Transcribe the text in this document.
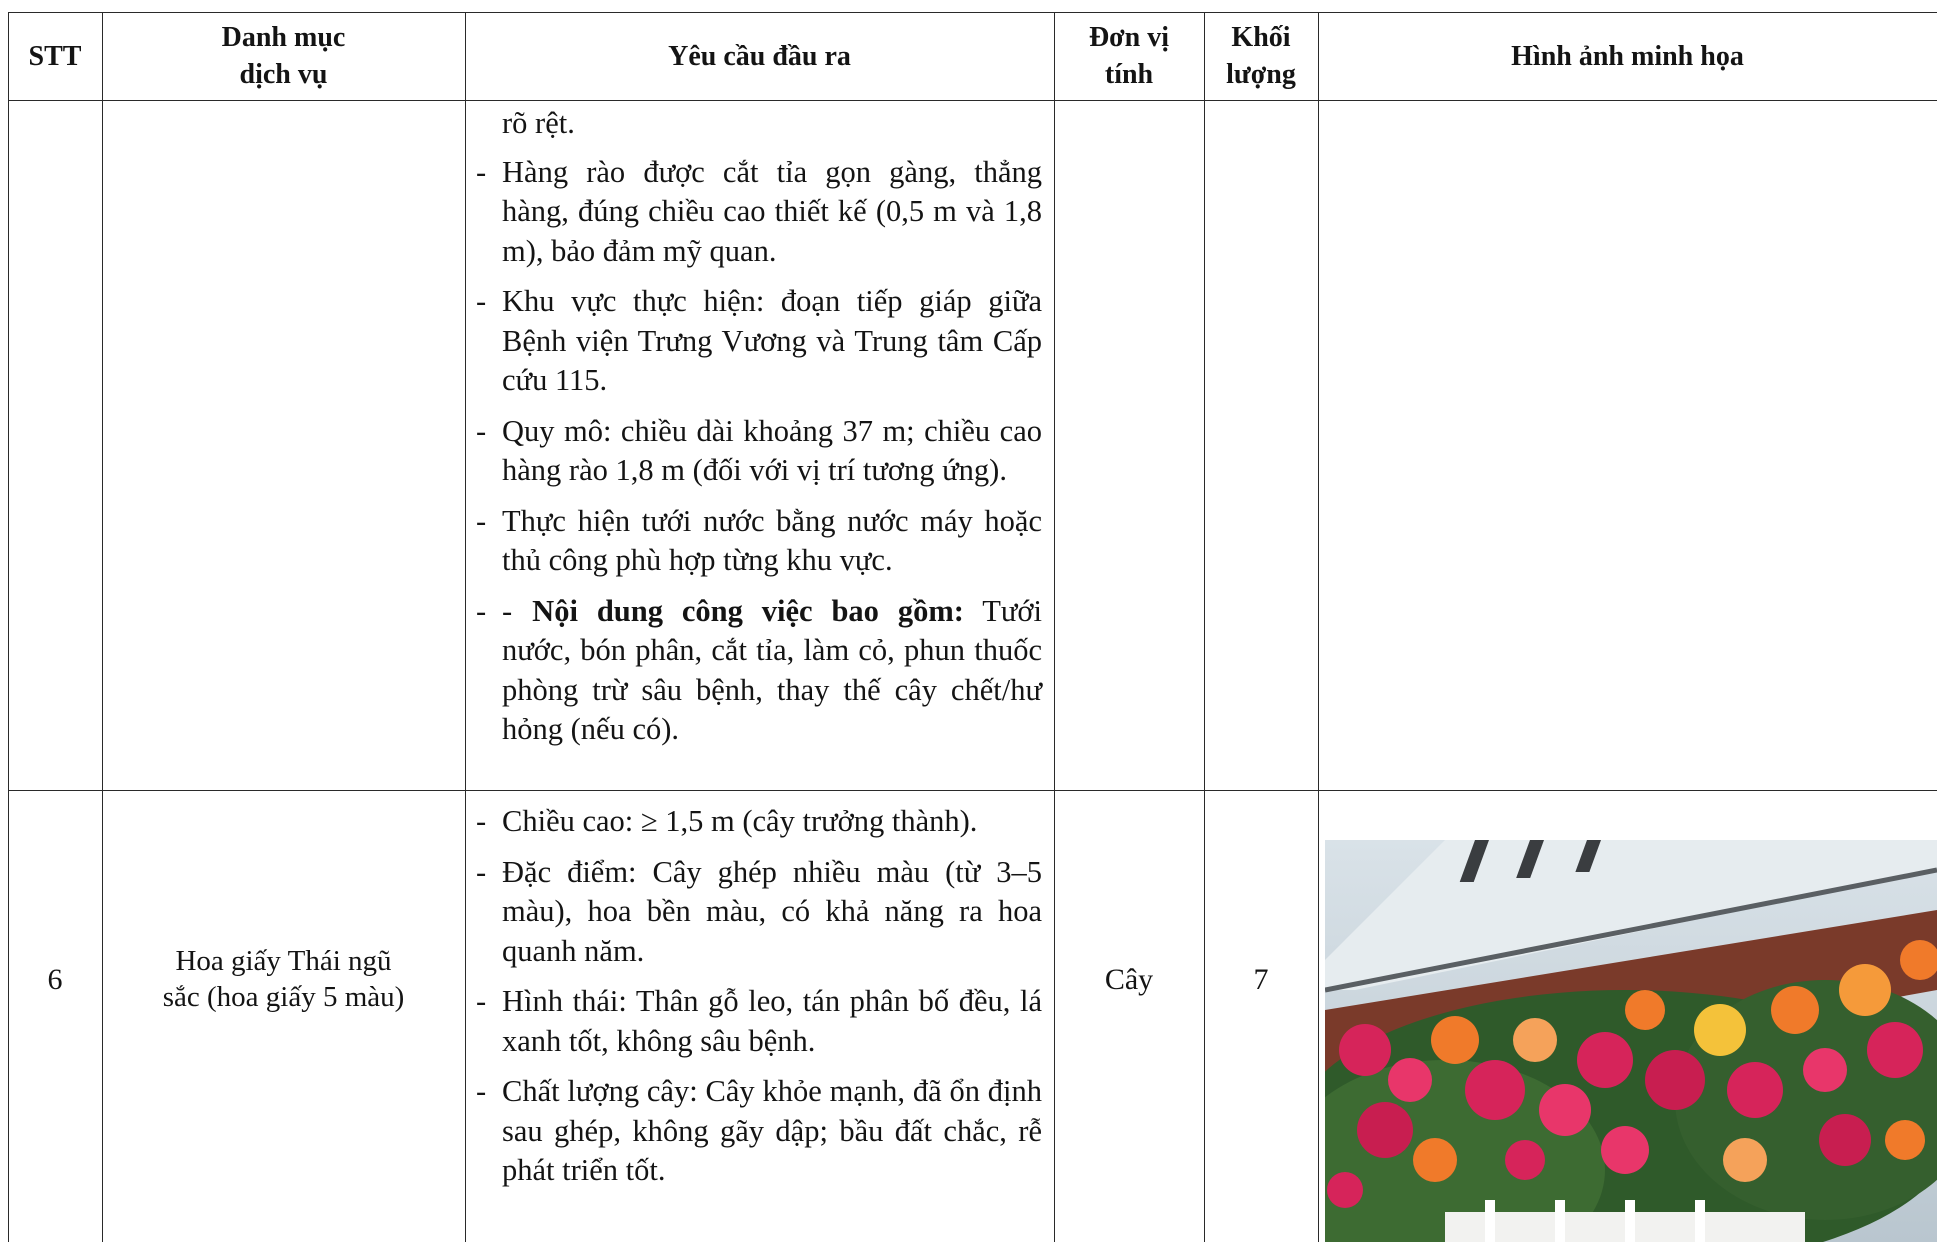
STT
Danh mục
dịch vụ
Yêu cầu đầu ra
Đơn vị
tính
Khối
lượng
Hình ảnh minh họa
rõ rệt.
- Hàng rào được cắt tỉa gọn gàng, thẳng hàng, đúng chiều cao thiết kế (0,5 m và 1,8 m), bảo đảm mỹ quan.
- Khu vực thực hiện: đoạn tiếp giáp giữa Bệnh viện Trưng Vương và Trung tâm Cấp cứu 115.
- Quy mô: chiều dài khoảng 37 m; chiều cao hàng rào 1,8 m (đối với vị trí tương ứng).
- Thực hiện tưới nước bằng nước máy hoặc thủ công phù hợp từng khu vực.
- - Nội dung công việc bao gồm: Tưới nước, bón phân, cắt tỉa, làm cỏ, phun thuốc phòng trừ sâu bệnh, thay thế cây chết/hư hỏng (nếu có).
6
Hoa giấy Thái ngũ
sắc (hoa giấy 5 màu)
- Chiều cao: ≥ 1,5 m (cây trưởng thành).
- Đặc điểm: Cây ghép nhiều màu (từ 3–5 màu), hoa bền màu, có khả năng ra hoa quanh năm.
- Hình thái: Thân gỗ leo, tán phân bố đều, lá xanh tốt, không sâu bệnh.
- Chất lượng cây: Cây khỏe mạnh, đã ổn định sau ghép, không gãy dập; bầu đất chắc, rễ phát triển tốt.
Cây	7
